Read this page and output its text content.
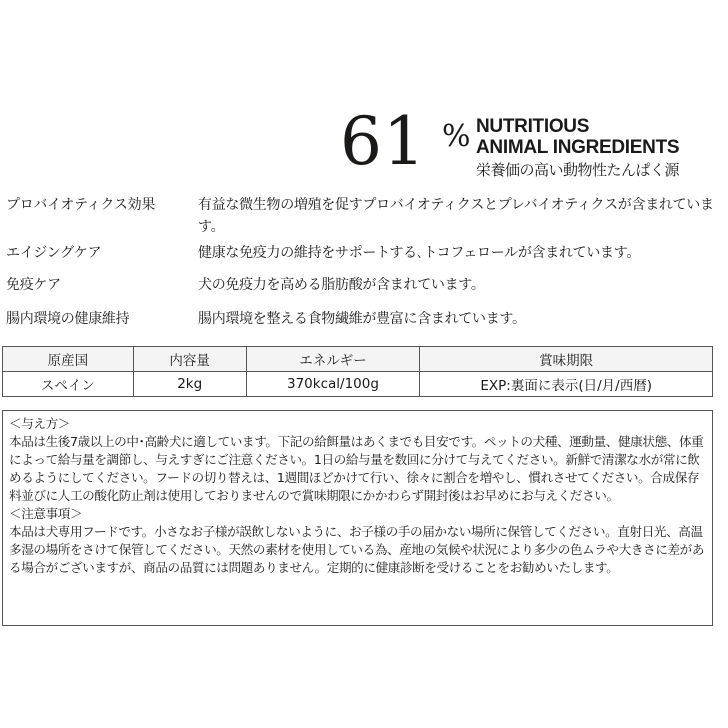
61 % NUTRITIOUS
ANIMAL INGREDIENTS
栄養価の高い動物性たんぱく源
プロバイオティクス効果	有益な微生物の増殖を促すプロバイオティクスとプレバイオティクスが含まれています。
エイジングケア	健康な免疫力の維持をサポートする､トコフェロールが含まれています。
免疫ケア	犬の免疫力を高める脂肪酸が含まれています。
腸内環境の健康維持	腸内環境を整える食物繊維が豊富に含まれています。
原産国	内容量	エネルギー	賞味期限
スペイン	2kg	370kcal/100g	EXP:裏面に表示(日/月/西暦)

＜与え方＞

本品は生後7歳以上の中･高齢犬に適しています。下記の給餌量はあくまでも目安です。ペットの犬種、運動量、健康状態、体重によって給与量を調節し、与えすぎにご注意ください。1日の給与量を数回に分けて与えてください。新鮮で清潔な水が常に飲めるようにしてください。フードの切り替えは、1週間ほどかけて行い、徐々に割合を増やし、慣れさせてください。合成保存料並びに人工の酸化防止剤は使用しておりませんので賞味期限にかかわらず開封後はお早めにお与えください。

＜注意事項＞

本品は犬専用フードです。小さなお子様が誤飲しないように、お子様の手の届かない場所に保管してください。直射日光、高温多湿の場所をさけて保管してください。天然の素材を使用している為、産地の気候や状況により多少の色ムラや大きさに差がある場合がございますが、商品の品質には問題ありません。定期的に健康診断を受けることをお勧めいたします。
